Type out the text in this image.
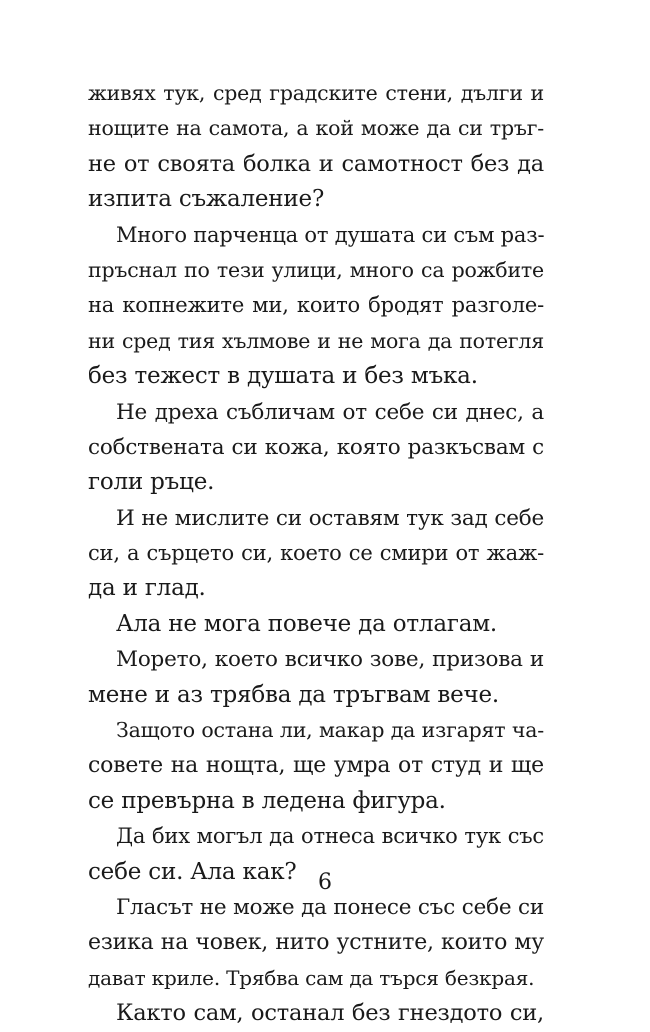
живях тук, сред градските стени, дълги и
нощите на самота, а кой може да си тръг-
не от своята болка и самотност без да
изпита съжаление?
Много парченца от душата си съм раз-
пръснал по тези улици, много са рожбите
на копнежите ми, които бродят разголе-
ни сред тия хълмове и не мога да потегля
без тежест в душата и без мъка.
Не дреха събличам от себе си днес, а
собствената си кожа, която разкъсвам с
голи ръце.
И не мислите си оставям тук зад себе
си, а сърцето си, което се смири от жаж-
да и глад.
Ала не мога повече да отлагам.
Морето, което всичко зове, призова и
мене и аз трябва да тръгвам вече.
Защото остана ли, макар да изгарят ча-
совете на нощта, ще умра от студ и ще
се превърна в ледена фигура.
Да бих могъл да отнеса всичко тук със
себе си. Ала как?
Гласът не може да понесе със себе си
езика на човек, нито устните, които му
дават криле. Трябва сам да търся безкрая.
Както сам, останал без гнездото си,
6
